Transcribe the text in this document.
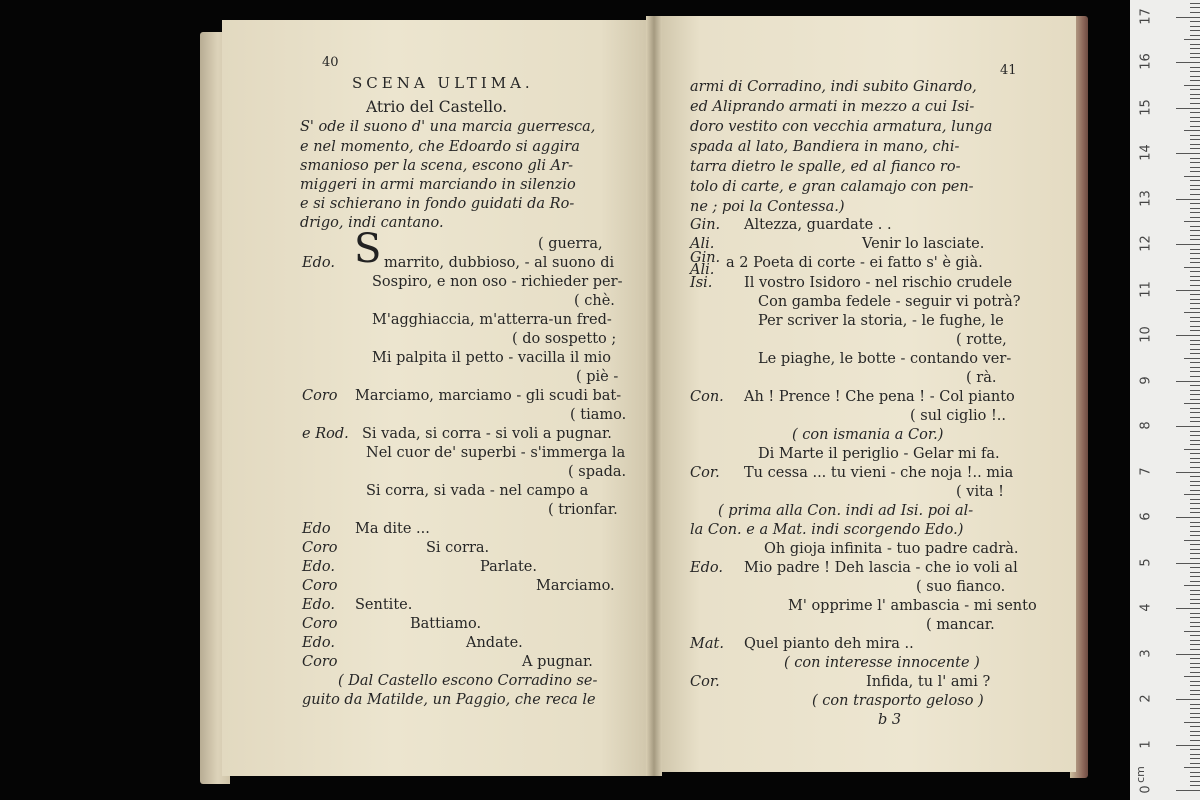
40
SCENA ULTIMA.
Atrio del Castello.
S' ode il suono d' una marcia guerresca,
e nel momento, che Edoardo si aggira
smanioso per la scena, escono gli Ar-
miggeri in armi marciando in silenzio
e si schierano in fondo guidati da Ro-
drigo, indi cantano.
S	( guerra,
Edo.	marrito, dubbioso, - al suono di
Sospiro, e non oso - richieder per-
( chè.
M'agghiaccia, m'atterra-un fred-
( do sospetto ;
Mi palpita il petto - vacilla il mio
( piè -
Coro Marciamo, marciamo - gli scudi bat-
( tiamo.
e Rod. Si vada, si corra - si voli a pugnar.
Nel cuor de' superbi - s'immerga la
( spada.
Si corra, si vada - nel campo a
( trionfar.
Edo Ma dite ...
Coro	Si corra.
Edo.	Parlate.
Coro	Marciamo.
Edo. Sentite.
Coro	Battiamo.
Edo.	Andate.
Coro	A pugnar.
( Dal Castello escono Corradino se-
guito da Matilde, un Paggio, che reca le
41
armi di Corradino, indi subito Ginardo,
ed Aliprando armati in mezzo a cui Isi-
doro vestito con vecchia armatura, lunga
spada al lato, Bandiera in mano, chi-
tarra dietro le spalle, ed al fianco ro-
tolo di carte, e gran calamajo con pen-
ne ; poi la Contessa.)
Gin. Altezza, guardate . .
Ali.	Venir lo lasciate.
Gin.
Ali. a 2 Poeta di corte - ei fatto s' è già.
Isi. Il vostro Isidoro - nel rischio crudele
Con gamba fedele - seguir vi potrà?
Per scriver la storia, - le fughe, le
( rotte,
Le piaghe, le botte - contando ver-
( rà.
Con. Ah ! Prence ! Che pena ! - Col pianto
( sul ciglio !..
( con ismania a Cor.)
Di Marte il periglio - Gelar mi fa.
Cor. Tu cessa ... tu vieni - che noja !.. mia
( vita !
( prima alla Con. indi ad Isi. poi al-
la Con. e a Mat. indi scorgendo Edo.)
Oh gioja infinita - tuo padre cadrà.
Edo. Mio padre ! Deh lascia - che io voli al
( suo fianco.
M' opprime l' ambascia - mi sento
( mancar.
Mat. Quel pianto deh mira ..
( con interesse innocente )
Cor.	Infida, tu l' ami ?
( con trasporto geloso )
b 3
cm
0
1
2
3
4
5
6
7
8
9
10
11
12
13
14
15
16
17
